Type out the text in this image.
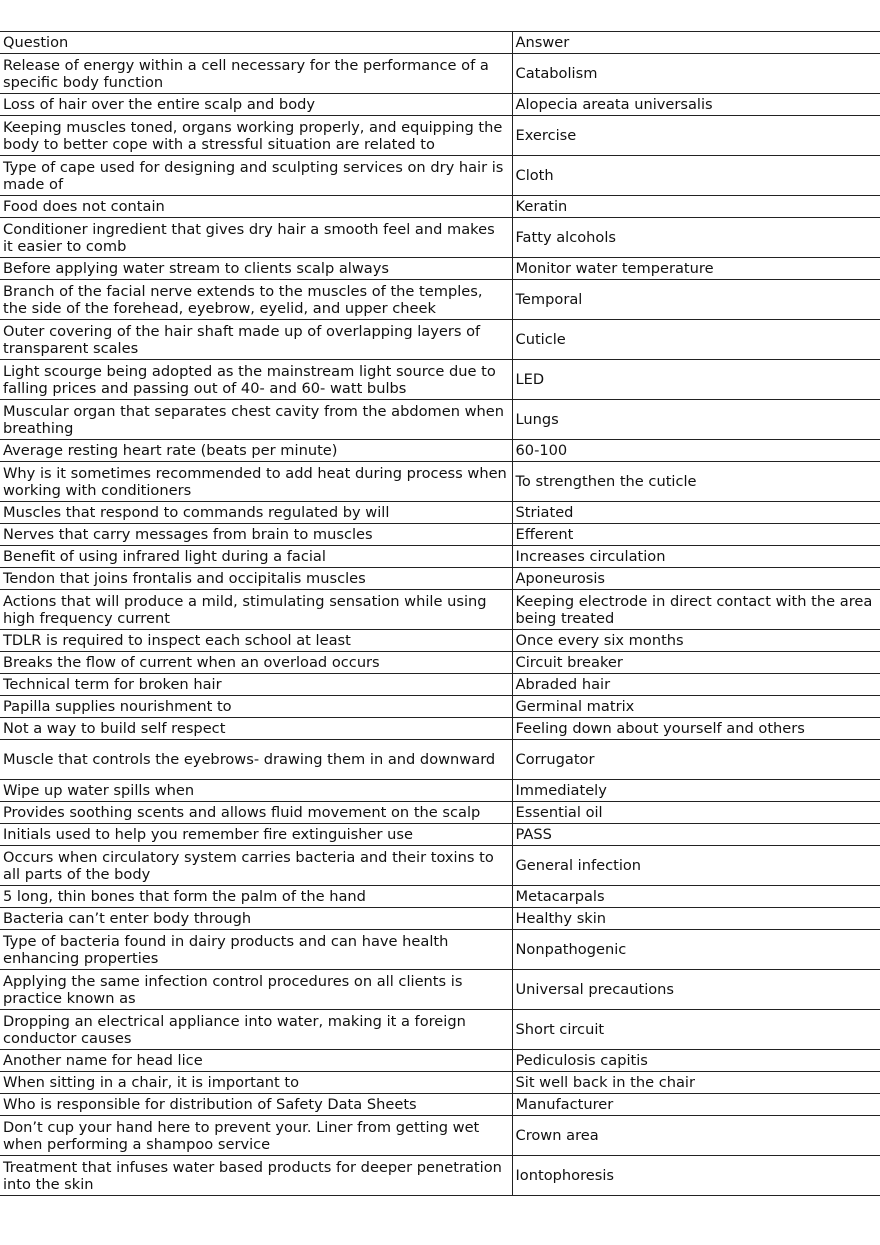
Question	Answer
Release of energy within a cell necessary for the performance of a specific body function	Catabolism
Loss of hair over the entire scalp and body	Alopecia areata universalis
Keeping muscles toned, organs working properly, and equipping the body to better cope with a stressful situation are related to	Exercise
Type of cape used for designing and sculpting services on dry hair is made of	Cloth
Food does not contain	Keratin
Conditioner ingredient that gives dry hair a smooth feel and makes it easier to comb	Fatty alcohols
Before applying water stream to clients scalp always	Monitor water temperature
Branch of the facial nerve extends to the muscles of the temples, the side of the forehead, eyebrow, eyelid, and upper cheek	Temporal
Outer covering of the hair shaft made up of overlapping layers of transparent scales	Cuticle
Light scourge being adopted as the mainstream light source due to falling prices and passing out of 40- and 60- watt bulbs	LED
Muscular organ that separates chest cavity from the abdomen when breathing	Lungs
Average resting heart rate (beats per minute)	60-100
Why is it sometimes recommended to add heat during process when working with conditioners	To strengthen the cuticle
Muscles that respond to commands regulated by will	Striated
Nerves that carry messages from brain to muscles	Efferent
Benefit of using infrared light during a facial	Increases circulation
Tendon that joins frontalis and occipitalis muscles	Aponeurosis
Actions that will produce a mild, stimulating sensation while using high frequency current	Keeping electrode in direct contact with the area being treated
TDLR is required to inspect each school at least	Once every six months
Breaks the flow of current when an overload occurs	Circuit breaker
Technical term for broken hair	Abraded hair
Papilla supplies nourishment to	Germinal matrix
Not a way to build self respect	Feeling down about yourself and others
Muscle that controls the eyebrows- drawing them in and downward	Corrugator
Wipe up water spills when	Immediately
Provides soothing scents and allows fluid movement on the scalp	Essential oil
Initials used to help you remember fire extinguisher use	PASS
Occurs when circulatory system carries bacteria and their toxins to all parts of the body	General infection
5 long, thin bones that form the palm of the hand	Metacarpals
Bacteria can’t enter body through	Healthy skin
Type of bacteria found in dairy products and can have health enhancing properties	Nonpathogenic
Applying the same infection control procedures on all clients is practice known as	Universal precautions
Dropping an electrical appliance into water, making it a foreign conductor causes	Short circuit
Another name for head lice	Pediculosis capitis
When sitting in a chair, it is important to	Sit well back in the chair
Who is responsible for distribution of Safety Data Sheets	Manufacturer
Don’t cup your hand here to prevent your. Liner from getting wet when performing a shampoo service	Crown area
Treatment that infuses water based products for deeper penetration into the skin	Iontophoresis
